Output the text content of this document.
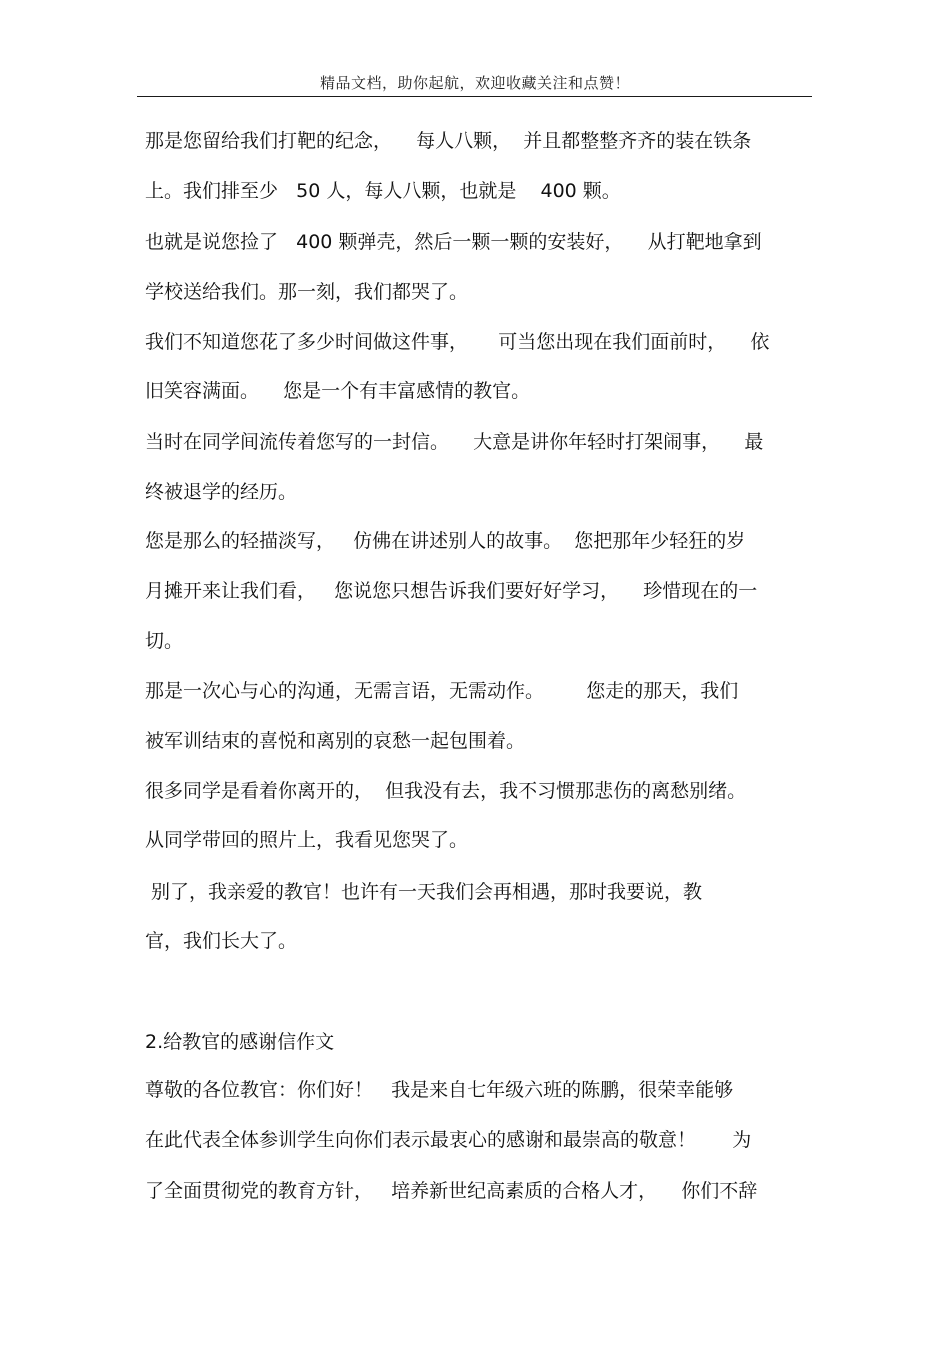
精品文档，助你起航，欢迎收藏关注和点赞！
那是您留给我们打靶的纪念，    每人八颗，  并且都整整齐齐的装在铁条
上。我们排至少   50 人，每人八颗，也就是    400 颗。
也就是说您捡了   400 颗弹壳，然后一颗一颗的安装好，    从打靶地拿到
学校送给我们。那一刻，我们都哭了。
我们不知道您花了多少时间做这件事，     可当您出现在我们面前时，    依
旧笑容满面。    您是一个有丰富感情的教官。
当时在同学间流传着您写的一封信。    大意是讲你年轻时打架闹事，    最
终被退学的经历。
您是那么的轻描淡写，   仿佛在讲述别人的故事。  您把那年少轻狂的岁
月摊开来让我们看，   您说您只想告诉我们要好好学习，    珍惜现在的一
切。
那是一次心与心的沟通，无需言语，无需动作。       您走的那天，我们
被军训结束的喜悦和离别的哀愁一起包围着。
很多同学是看着你离开的，  但我没有去，我不习惯那悲伤的离愁别绪。
从同学带回的照片上，我看见您哭了。
别了，我亲爱的教官！也许有一天我们会再相遇，那时我要说，教
官，我们长大了。
2.给教官的感谢信作文
尊敬的各位教官：你们好！   我是来自七年级六班的陈鹏，很荣幸能够
在此代表全体参训学生向你们表示最衷心的感谢和最崇高的敬意！      为
了全面贯彻党的教育方针，   培养新世纪高素质的合格人才，    你们不辞
